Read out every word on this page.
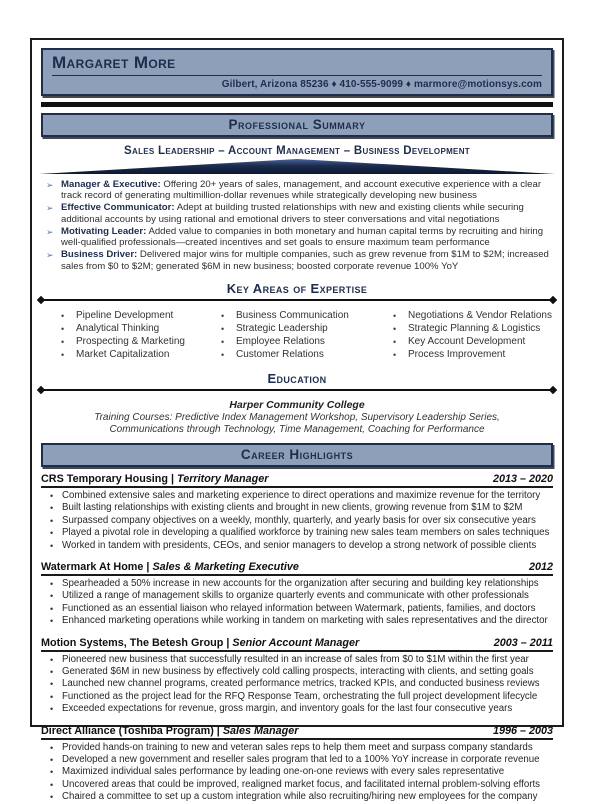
Margaret More
Gilbert, Arizona 85236 ♦ 410-555-9099 ♦ marmore@motionsys.com
Professional Summary
Sales Leadership – Account Management – Business Development
➢ Manager & Executive: Offering 20+ years of sales, management, and account executive experience with a clear track record of generating multimillion-dollar revenues while strategically developing new business
➢ Effective Communicator: Adept at building trusted relationships with new and existing clients while securing additional accounts by using rational and emotional drivers to steer conversations and vital negotiations
➢ Motivating Leader: Added value to companies in both monetary and human capital terms by recruiting and hiring well-qualified professionals—created incentives and set goals to ensure maximum team performance
➢ Business Driver: Delivered major wins for multiple companies, such as grew revenue from $1M to $2M; increased sales from $0 to $2M; generated $6M in new business; boosted corporate revenue 100% YoY
Key Areas of Expertise
•	Pipeline Development
•	Analytical Thinking
•	Prospecting & Marketing
•	Market Capitalization
•	Business Communication
•	Strategic Leadership
•	Employee Relations
•	Customer Relations
•	Negotiations & Vendor Relations
•	Strategic Planning & Logistics
•	Key Account Development
•	Process Improvement
Education
Harper Community College
Training Courses: Predictive Index Management Workshop, Supervisory Leadership Series, Communications through Technology, Time Management, Coaching for Performance
Career Highlights
CRS Temporary Housing | Territory Manager	2013 – 2020
• Combined extensive sales and marketing experience to direct operations and maximize revenue for the territory
• Built lasting relationships with existing clients and brought in new clients, growing revenue from $1M to $2M
• Surpassed company objectives on a weekly, monthly, quarterly, and yearly basis for over six consecutive years
• Played a pivotal role in developing a qualified workforce by training new sales team members on sales techniques
• Worked in tandem with presidents, CEOs, and senior managers to develop a strong network of possible clients
Watermark At Home | Sales & Marketing Executive	2012
• Spearheaded a 50% increase in new accounts for the organization after securing and building key relationships
• Utilized a range of management skills to organize quarterly events and communicate with other professionals
• Functioned as an essential liaison who relayed information between Watermark, patients, families, and doctors
• Enhanced marketing operations while working in tandem on marketing with sales representatives and the director
Motion Systems, The Betesh Group | Senior Account Manager	2003 – 2011
• Pioneered new business that successfully resulted in an increase of sales from $0 to $1M within the first year
• Generated $6M in new business by effectively cold calling prospects, interacting with clients, and setting goals
• Launched new channel programs, created performance metrics, tracked KPIs, and conducted business reviews
• Functioned as the project lead for the RFQ Response Team, orchestrating the full project development lifecycle
• Exceeded expectations for revenue, gross margin, and inventory goals for the last four consecutive years
Direct Alliance (Toshiba Program) | Sales Manager	1996 – 2003
• Provided hands-on training to new and veteran sales reps to help them meet and surpass company standards
• Developed a new government and reseller sales program that led to a 100% YoY increase in corporate revenue
• Maximized individual sales performance by leading one-on-one reviews with every sales representative
• Uncovered areas that could be improved, realigned market focus, and facilitated internal problem-solving efforts
• Chaired a committee to set up a custom integration while also recruiting/hiring new employees for the company
